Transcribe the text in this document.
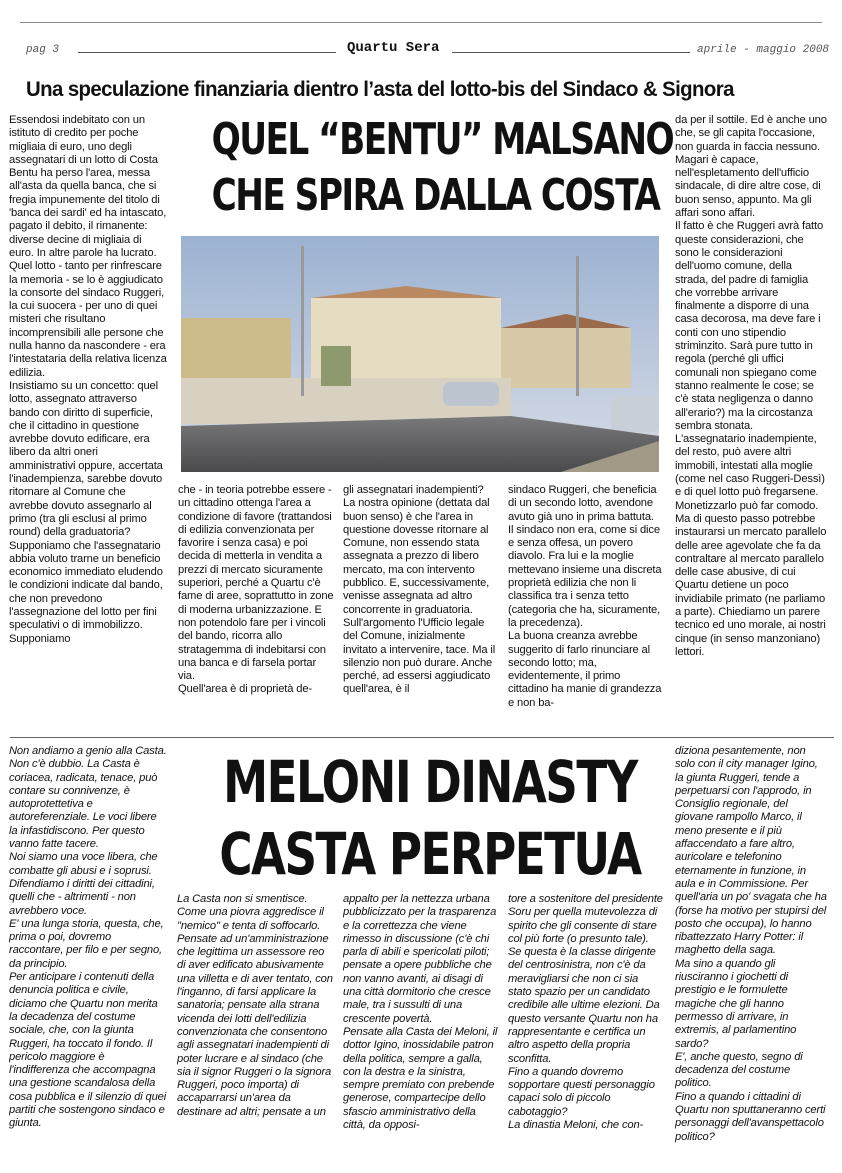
pag 3	Quartu Sera	aprile - maggio 2008
Una speculazione finanziaria dientro l’asta del lotto-bis del Sindaco & Signora
QUEL “BENTU” MALSANO
CHE SPIRA DALLA COSTA

Essendosi indebitato con un istituto di credito per poche migliaia di euro, uno degli assegnatari di un lotto di Costa Bentu ha perso l'area, messa all'asta da quella banca, che si fregia impunemente del titolo di 'banca dei sardi' ed ha intascato, pagato il debito, il rimanente: diverse decine di migliaia di euro. In altre parole ha lucrato.

Quel lotto - tanto per rinfrescare la memoria - se lo è aggiudicato la consorte del sindaco Ruggeri, la cui suocera - per uno di quei misteri che risultano incomprensibili alle persone che nulla hanno da nascondere - era l'intestataria della relativa licenza edilizia.

Insistiamo su un concetto: quel lotto, assegnato attraverso bando con diritto di superficie, che il cittadino in questione avrebbe dovuto edificare, era libero da altri oneri amministrativi oppure, accertata l'inadempienza, sarebbe dovuto ritornare al Comune che avrebbe dovuto assegnarlo al primo (tra gli esclusi al primo round) della graduatoria?

Supponiamo che l'assegnatario abbia voluto trarne un beneficio economico immediato eludendo le condizioni indicate dal bando, che non prevedono l'assegnazione del lotto per fini speculativi o di immobilizzo. Supponiamo

che - in teoria potrebbe essere - un cittadino ottenga l'area a condizione di favore (trattandosi di edilizia convenzionata per favorire i senza casa) e poi decida di metterla in vendita a prezzi di mercato sicuramente superiori, perché a Quartu c'è fame di aree, soprattutto in zone di moderna urbanizzazione. E non potendolo fare per i vincoli del bando, ricorra allo stratagemma di indebitarsi con una banca e di farsela portar via.

Quell'area è di proprietà de-

gli assegnatari inadempienti? La nostra opinione (dettata dal buon senso) è che l'area in questione dovesse ritornare al Comune, non essendo stata assegnata a prezzo di libero mercato, ma con intervento pubblico. E, successivamente, venisse assegnata ad altro concorrente in graduatoria.

Sull'argomento l'Ufficio legale del Comune, inizialmente invitato a intervenire, tace. Ma il silenzio non può durare. Anche perché, ad essersi aggiudicato quell'area, è il

sindaco Ruggeri, che beneficia di un secondo lotto, avendone avuto già uno in prima battuta.

Il sindaco non era, come si dice e senza offesa, un povero diavolo. Fra lui e la moglie mettevano insieme una discreta proprietà edilizia che non li classifica tra i senza tetto (categoria che ha, sicuramente, la precedenza).

La buona creanza avrebbe suggerito di farlo rinunciare al secondo lotto; ma, evidentemente, il primo cittadino ha manie di grandezza e non ba-

da per il sottile. Ed è anche uno che, se gli capita l'occasione, non guarda in faccia nessuno. Magari è capace, nell'espletamento dell'ufficio sindacale, di dire altre cose, di buon senso, appunto. Ma gli affari sono affari.

Il fatto è che Ruggeri avrà fatto queste considerazioni, che sono le considerazioni dell'uomo comune, della strada, del padre di famiglia che vorrebbe arrivare finalmente a disporre di una casa decorosa, ma deve fare i conti con uno stipendio striminzito. Sarà pure tutto in regola (perché gli uffici comunali non spiegano come stanno realmente le cose; se c'è stata negligenza o danno all'erario?) ma la circostanza sembra stonata.

L'assegnatario inadempiente, del resto, può avere altri immobili, intestati alla moglie (come nel caso Ruggeri-Dessì) e di quel lotto può fregarsene. Monetizzarlo può far comodo. Ma di questo passo potrebbe instaurarsi un mercato parallelo delle aree agevolate che fa da contraltare al mercato parallelo delle case abusive, di cui Quartu detiene un poco invidiabile primato (ne parliamo a parte). Chiediamo un parere tecnico ed uno morale, ai nostri cinque (in senso manzoniano) lettori.

MELONI DINASTY
CASTA PERPETUA

Non andiamo a genio alla Casta. Non c'è dubbio. La Casta è coriacea, radicata, tenace, può contare su connivenze, è autoprotettetiva e autoreferenziale. Le voci libere la infastidiscono. Per questo vanno fatte tacere.

Noi siamo una voce libera, che combatte gli abusi e i soprusi. Difendiamo i diritti dei cittadini, quelli che - altrimenti - non avrebbero voce.

E' una lunga storia, questa, che, prima o poi, dovremo raccontare, per filo e per segno, da principio.

Per anticipare i contenuti della denuncia politica e civile, diciamo che Quartu non merita la decadenza del costume sociale, che, con la giunta Ruggeri, ha toccato il fondo. Il pericolo maggiore è l'indifferenza che accompagna una gestione scandalosa della cosa pubblica e il silenzio di quei partiti che sostengono sindaco e giunta.

La Casta non si smentisce. Come una piovra aggredisce il "nemico" e tenta di soffocarlo.

Pensate ad un'amministrazione che legittima un assessore reo di aver edificato abusivamente una villetta e di aver tentato, con l'inganno, di farsi applicare la sanatoria; pensate alla strana vicenda dei lotti dell'edilizia convenzionata che consentono agli assegnatari inadempienti di poter lucrare e al sindaco (che sia il signor Ruggeri o la signora Ruggeri, poco importa) di accaparrarsi un'area da destinare ad altri; pensate a un

appalto per la nettezza urbana pubblicizzato per la trasparenza e la correttezza che viene rimesso in discussione (c'è chi parla di abili e spericolati piloti; pensate a opere pubbliche che non vanno avanti, ai disagi di una città dormitorio che cresce male, tra i sussulti di una crescente povertà.

Pensate alla Casta dei Meloni, il dottor Igino, inossidabile patron della politica, sempre a galla, con la destra e la sinistra, sempre premiato con prebende generose, compartecipe dello sfascio amministrativo della città, da opposi-

tore a sostenitore del presidente Soru per quella mutevolezza di spirito che gli consente di stare col più forte (o presunto tale).

Se questa è la classe dirigente del centrosinistra, non c'è da meravigliarsi che non ci sia stato spazio per un candidato credibile alle ultime elezioni. Da questo versante Quartu non ha rappresentante e certifica un altro aspetto della propria sconfitta.

Fino a quando dovremo sopportare questi personaggio capaci solo di piccolo cabotaggio?

La dinastia Meloni, che con-

diziona pesantemente, non solo con il city manager Igino, la giunta Ruggeri, tende a perpetuarsi con l'approdo, in Consiglio regionale, del giovane rampollo Marco, il meno presente e il più affaccendato a fare altro, auricolare e telefonino eternamente in funzione, in aula e in Commissione. Per quell'aria un po' svagata che ha (forse ha motivo per stupirsi del posto che occupa), lo hanno ribattezzato Harry Potter: il maghetto della saga.

Ma sino a quando gli riusciranno i giochetti di prestigio e le formulette magiche che gli hanno permesso di arrivare, in extremis, al parlamentino sardo?

E', anche questo, segno di decadenza del costume politico.

Fino a quando i cittadini di Quartu non sputtaneranno certi personaggi dell'avanspettacolo politico?
